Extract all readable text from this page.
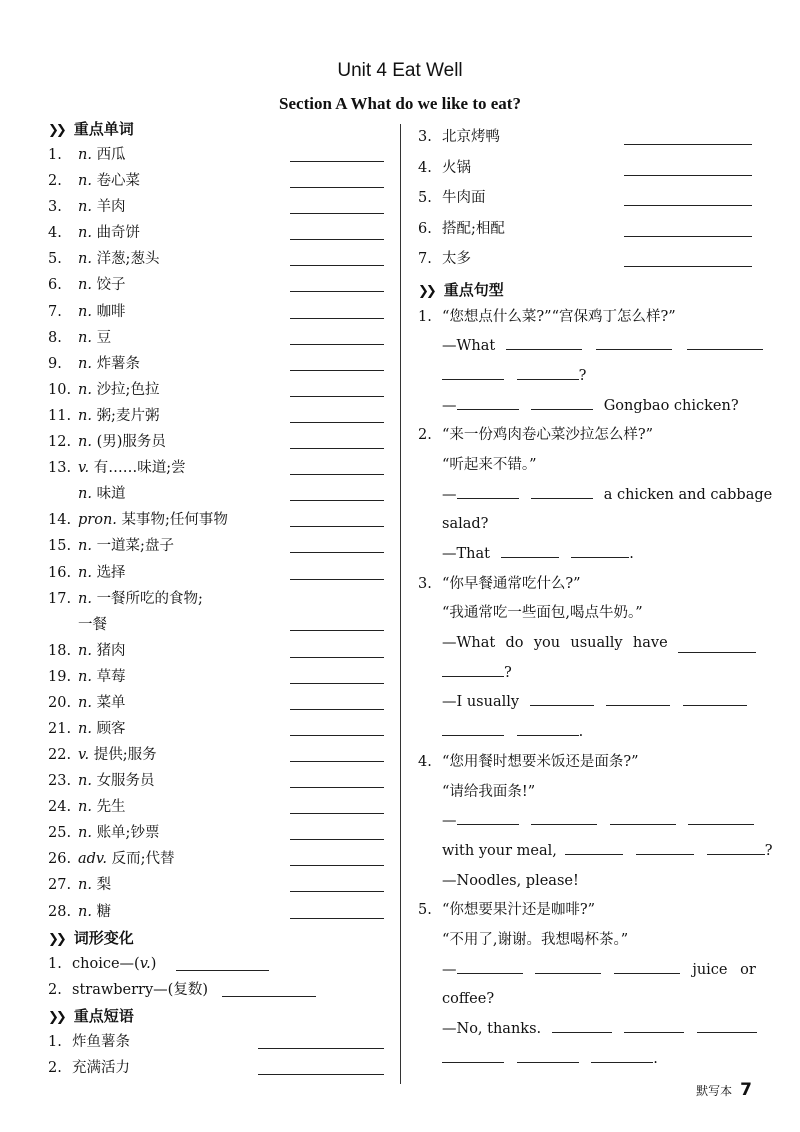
Unit 4 Eat Well
Section A What do we like to eat?
❯❯ 重点单词
1. n. 西瓜
2. n. 卷心菜
3. n. 羊肉
4. n. 曲奇饼
5. n. 洋葱;葱头
6. n. 饺子
7. n. 咖啡
8. n. 豆
9. n. 炸薯条
10. n. 沙拉;色拉
11. n. 粥;麦片粥
12. n. (男)服务员
13. v. 有……味道;尝
n. 味道
14. pron. 某事物;任何事物
15. n. 一道菜;盘子
16. n. 选择
17. n. 一餐所吃的食物;
一餐
18. n. 猪肉
19. n. 草莓
20. n. 菜单
21. n. 顾客
22. v. 提供;服务
23. n. 女服务员
24. n. 先生
25. n. 账单;钞票
26. adv. 反而;代替
27. n. 梨
28. n. 糖
❯❯ 词形变化
1. choice—(v.)
2. strawberry—(复数)
❯❯ 重点短语
1. 炸鱼薯条
2. 充满活力
3. 北京烤鸭
4. 火锅
5. 牛肉面
6. 搭配;相配
7. 太多
❯❯ 重点句型
1. “您想点什么菜?”“宫保鸡丁怎么样?”
—What
?
—	Gongbao chicken?
2. “来一份鸡肉卷心菜沙拉怎么样?”
“听起来不错。”
—	a chicken and cabbage
salad?
—That	.
3. “你早餐通常吃什么?”
“我通常吃一些面包,喝点牛奶。”
—What do you usually have
?
—I usually
.
4. “您用餐时想要米饭还是面条?”
“请给我面条!”
—
with your meal,	?
—Noodles, please!
5. “你想要果汁还是咖啡?”
“不用了,谢谢。我想喝杯茶。”
—	juice or
coffee?
—No, thanks.
.
默写本 7
